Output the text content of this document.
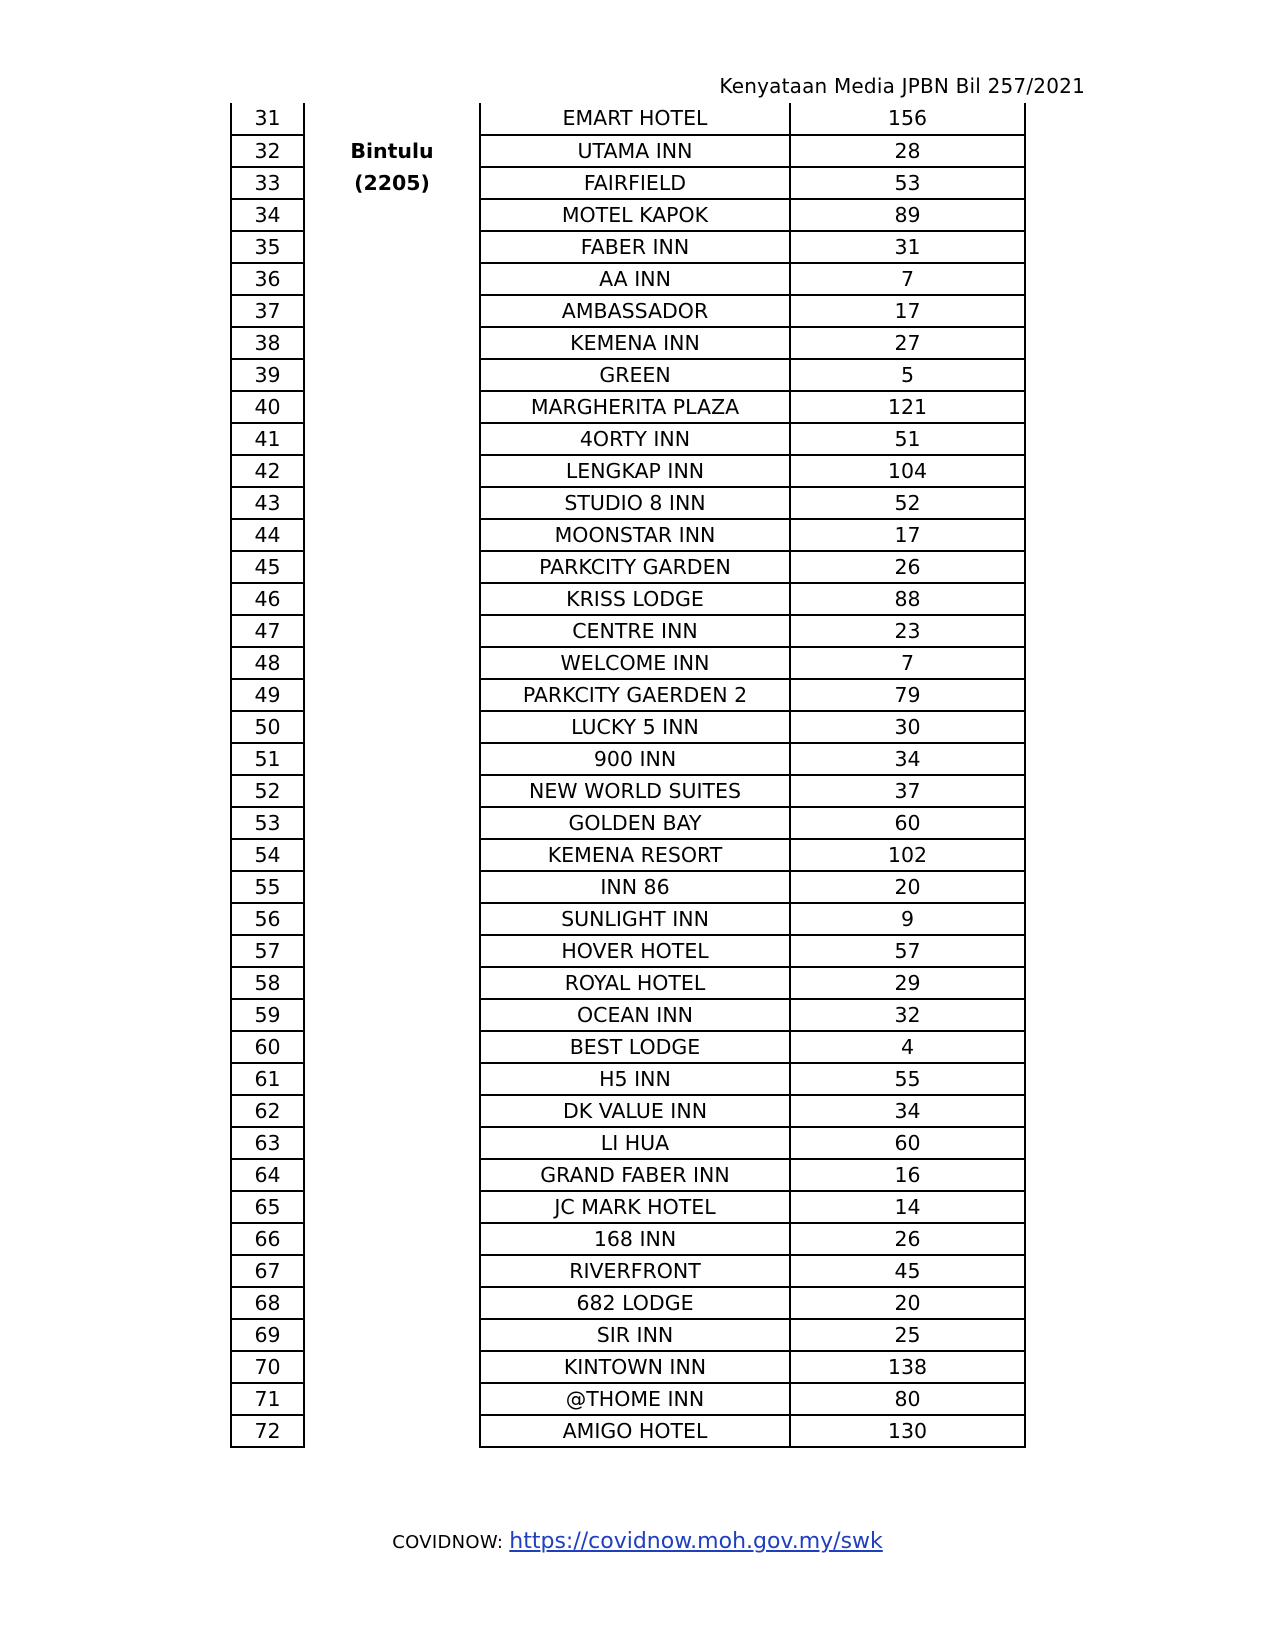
Kenyataan Media JPBN Bil 257/2021
31		EMART HOTEL	156
32	Bintulu	UTAMA INN	28
33	(2205)	FAIRFIELD	53
34		MOTEL KAPOK	89
35		FABER INN	31
36		AA INN	7
37		AMBASSADOR	17
38		KEMENA INN	27
39		GREEN	5
40		MARGHERITA PLAZA	121
41		4ORTY INN	51
42		LENGKAP INN	104
43		STUDIO 8 INN	52
44		MOONSTAR INN	17
45		PARKCITY GARDEN	26
46		KRISS LODGE	88
47		CENTRE INN	23
48		WELCOME INN	7
49		PARKCITY GAERDEN 2	79
50		LUCKY 5 INN	30
51		900 INN	34
52		NEW WORLD SUITES	37
53		GOLDEN BAY	60
54		KEMENA RESORT	102
55		INN 86	20
56		SUNLIGHT INN	9
57		HOVER HOTEL	57
58		ROYAL HOTEL	29
59		OCEAN INN	32
60		BEST LODGE	4
61		H5 INN	55
62		DK VALUE INN	34
63		LI HUA	60
64		GRAND FABER INN	16
65		JC MARK HOTEL	14
66		168 INN	26
67		RIVERFRONT	45
68		682 LODGE	20
69		SIR INN	25
70		KINTOWN INN	138
71		@THOME INN	80
72		AMIGO HOTEL	130
COVIDNOW: https://covidnow.moh.gov.my/swk
